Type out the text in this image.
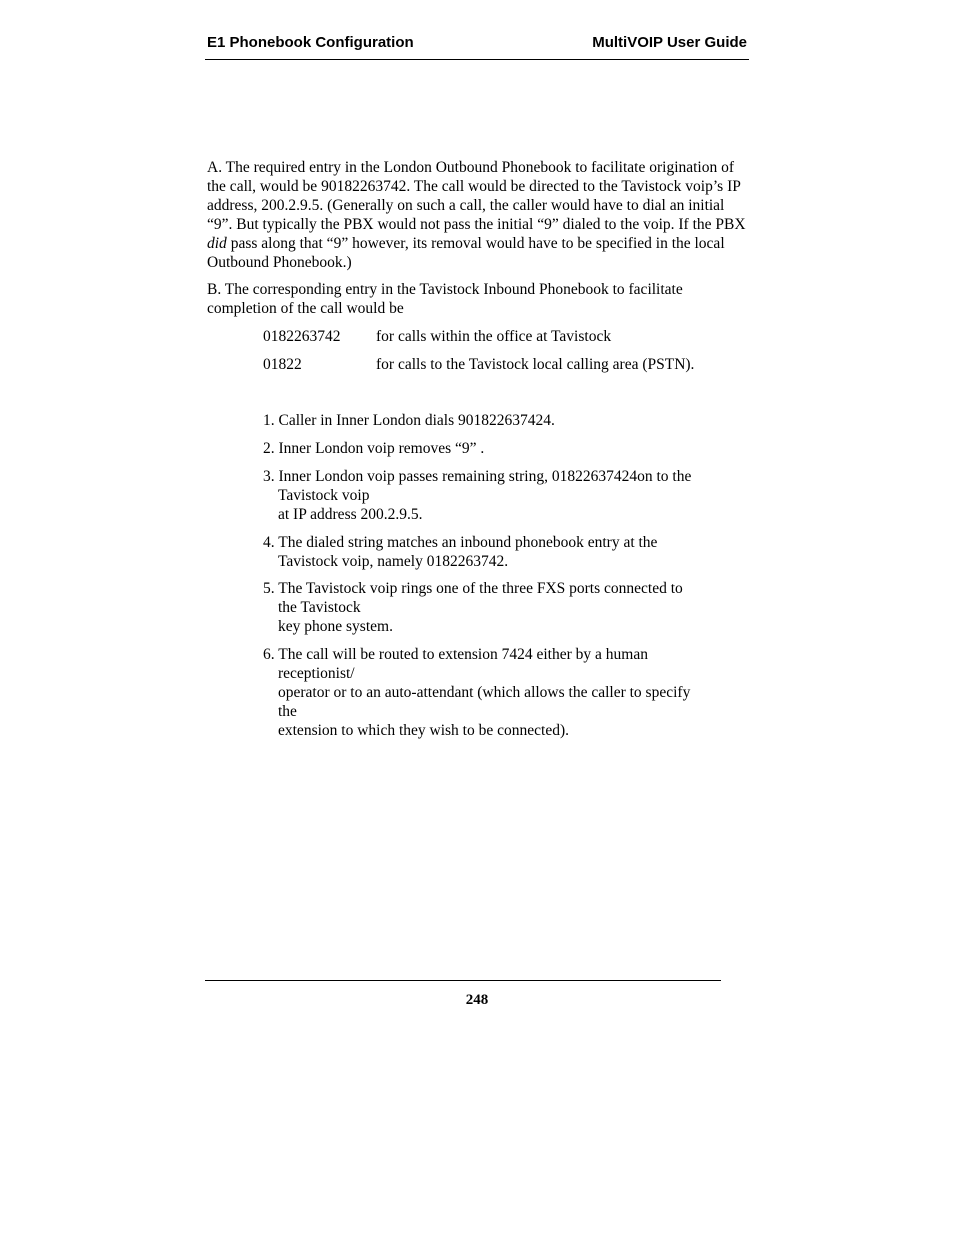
E1 Phonebook Configuration	MultiVOIP User Guide
A. The required entry in the London Outbound Phonebook to facilitate origination of the call, would be 90182263742. The call would be directed to the Tavistock voip’s IP address, 200.2.9.5. (Generally on such a call, the caller would have to dial an initial “9”. But typically the PBX would not pass the initial “9” dialed to the voip. If the PBX did pass along that “9” however, its removal would have to be specified in the local Outbound Phonebook.)
B. The corresponding entry in the Tavistock Inbound Phonebook to facilitate completion of the call would be
0182263742 for calls within the office at Tavistock
01822	for calls to the Tavistock local calling area (PSTN).
1. Caller in Inner London dials 901822637424.
2. Inner London voip removes “9” .
3. Inner London voip passes remaining string, 01822637424on to the
Tavistock voip
at IP address 200.2.9.5.
4. The dialed string matches an inbound phonebook entry at the
Tavistock voip, namely 0182263742.
5. The Tavistock voip rings one of the three FXS ports connected to
the Tavistock
key phone system.
6. The call will be routed to extension 7424 either by a human
receptionist/
operator or to an auto-attendant (which allows the caller to specify
the
extension to which they wish to be connected).
248
